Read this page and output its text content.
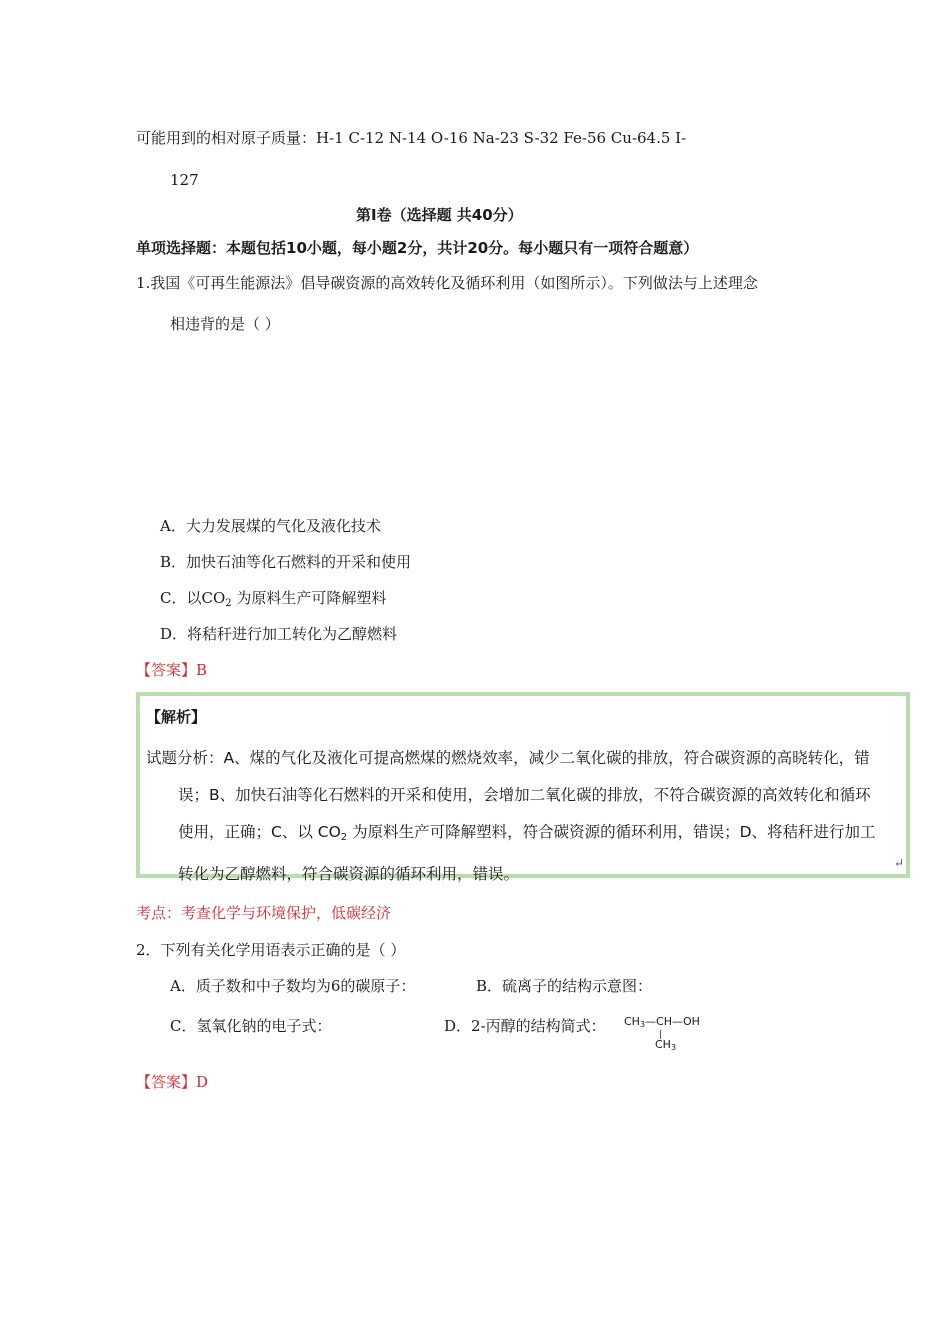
可能用到的相对原子质量：H-1 C-12 N-14 O-16 Na-23 S-32 Fe-56 Cu-64.5 I-
127
第Ⅰ卷（选择题 共40分）
单项选择题：本题包括10小题，每小题2分，共计20分。每小题只有一项符合题意）
1.我国《可再生能源法》倡导碳资源的高效转化及循环利用（如图所示）。下列做法与上述理念
相违背的是（ ）
A．大力发展煤的气化及液化技术
B．加快石油等化石燃料的开采和使用
C．以$CO_2$ 为原料生产可降解塑料
D．将秸秆进行加工转化为乙醇燃料
【答案】B
【解析】
试题分析：A、煤的气化及液化可提高燃煤的燃烧效率，减少二氧化碳的排放，符合碳资源的高晓转化，错
误；B、加快石油等化石燃料的开采和使用，会增加二氧化碳的排放，不符合碳资源的高效转化和循环
使用，正确；C、以 $CO_2$ 为原料生产可降解塑料，符合碳资源的循环利用，错误；D、将秸秆进行加工
转化为乙醇燃料，符合碳资源的循环利用，错误。
↵
考点：考查化学与环境保护，低碳经济
2．下列有关化学用语表示正确的是（ ）
A．质子数和中子数均为6的碳原子：	B．硫离子的结构示意图：
C．氢氧化钠的电子式：	D．2-丙醇的结构简式： CH3—CH—OH
|
CH3
【答案】D
